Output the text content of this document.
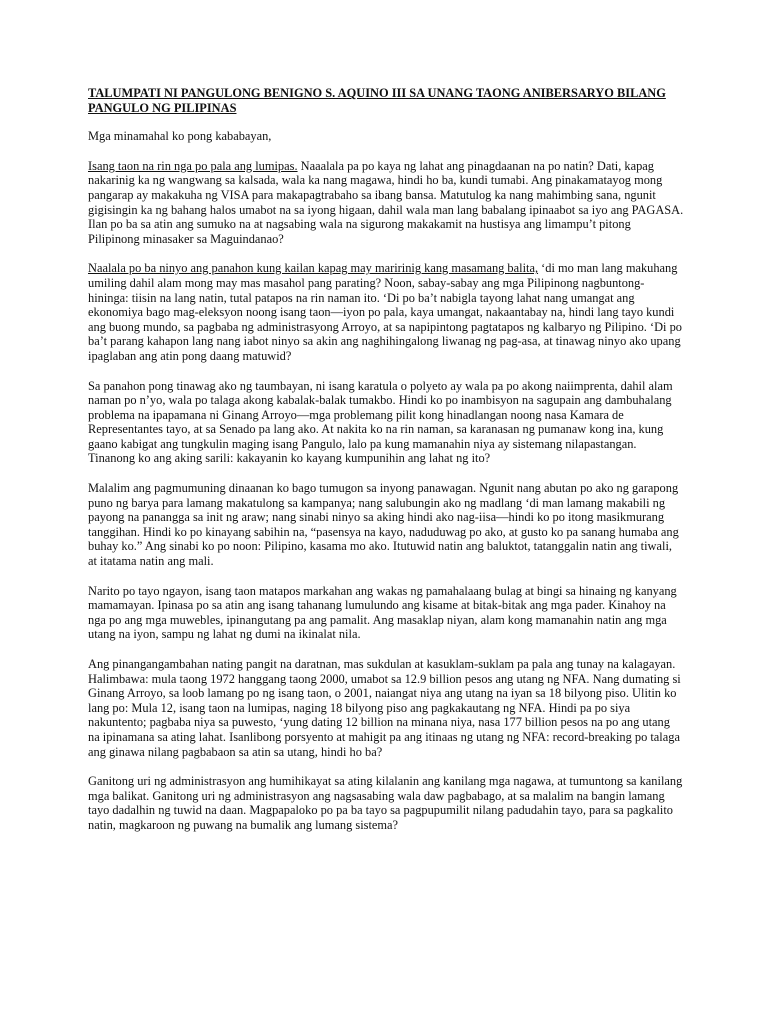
TALUMPATI NI PANGULONG BENIGNO S. AQUINO III SA UNANG TAONG ANIBERSARYO BILANG PANGULO NG PILIPINAS
Mga minamahal ko pong kababayan,
Isang taon na rin nga po pala ang lumipas. Naaalala pa po kaya ng lahat ang pinagdaanan na po natin? Dati, kapag nakarinig ka ng wangwang sa kalsada, wala ka nang magawa, hindi ho ba, kundi tumabi. Ang pinakamatayog mong pangarap ay makakuha ng VISA para makapagtrabaho sa ibang bansa. Matutulog ka nang mahimbing sana, ngunit gigisingin ka ng bahang halos umabot na sa iyong higaan, dahil wala man lang babalang ipinaabot sa iyo ang PAGASA. Ilan po ba sa atin ang sumuko na at nagsabing wala na sigurong makakamit na hustisya ang limampu’t pitong Pilipinong minasaker sa Maguindanao?
Naalala po ba ninyo ang panahon kung kailan kapag may maririnig kang masamang balita, ‘di mo man lang makuhang umiling dahil alam mong may mas masahol pang parating? Noon, sabay-sabay ang mga Pilipinong nagbuntong-hininga: tiisin na lang natin, tutal patapos na rin naman ito. ‘Di po ba’t nabigla tayong lahat nang umangat ang ekonomiya bago mag-eleksyon noong isang taon—iyon po pala, kaya umangat, nakaantabay na, hindi lang tayo kundi ang buong mundo, sa pagbaba ng administrasyong Arroyo, at sa napipintong pagtatapos ng kalbaryo ng Pilipino. ‘Di po ba’t parang kahapon lang nang iabot ninyo sa akin ang naghihingalong liwanag ng pag-asa, at tinawag ninyo ako upang ipaglaban ang atin pong daang matuwid?
Sa panahon pong tinawag ako ng taumbayan, ni isang karatula o polyeto ay wala pa po akong naiimprenta, dahil alam naman po n’yo, wala po talaga akong kabalak-balak tumakbo. Hindi ko po inambisyon na sagupain ang dambuhalang problema na ipapamana ni Ginang Arroyo—mga problemang pilit kong hinadlangan noong nasa Kamara de Representantes tayo, at sa Senado pa lang ako. At nakita ko na rin naman, sa karanasan ng pumanaw kong ina, kung gaano kabigat ang tungkulin maging isang Pangulo, lalo pa kung mamanahin niya ay sistemang nilapastangan. Tinanong ko ang aking sarili: kakayanin ko kayang kumpunihin ang lahat ng ito?
Malalim ang pagmumuning dinaanan ko bago tumugon sa inyong panawagan. Ngunit nang abutan po ako ng garapong puno ng barya para lamang makatulong sa kampanya; nang salubungin ako ng madlang ‘di man lamang makabili ng payong na panangga sa init ng araw; nang sinabi ninyo sa aking hindi ako nag-iisa—hindi ko po itong masikmurang tanggihan. Hindi ko po kinayang sabihin na, “pasensya na kayo, naduduwag po ako, at gusto ko pa sanang humaba ang buhay ko.” Ang sinabi ko po noon: Pilipino, kasama mo ako. Itutuwid natin ang baluktot, tatanggalin natin ang tiwali, at itatama natin ang mali.
Narito po tayo ngayon, isang taon matapos markahan ang wakas ng pamahalaang bulag at bingi sa hinaing ng kanyang mamamayan. Ipinasa po sa atin ang isang tahanang lumulundo ang kisame at bitak-bitak ang mga pader. Kinahoy na nga po ang mga muwebles, ipinangutang pa ang pamalit. Ang masaklap niyan, alam kong mamanahin natin ang mga utang na iyon, sampu ng lahat ng dumi na ikinalat nila.
Ang pinangangambahan nating pangit na daratnan, mas sukdulan at kasuklam-suklam pa pala ang tunay na kalagayan. Halimbawa: mula taong 1972 hanggang taong 2000, umabot sa 12.9 billion pesos ang utang ng NFA. Nang dumating si Ginang Arroyo, sa loob lamang po ng isang taon, o 2001, naiangat niya ang utang na iyan sa 18 bilyong piso. Ulitin ko lang po: Mula 12, isang taon na lumipas, naging 18 bilyong piso ang pagkakautang ng NFA. Hindi pa po siya nakuntento; pagbaba niya sa puwesto, ‘yung dating 12 billion na minana niya, nasa 177 billion pesos na po ang utang na ipinamana sa ating lahat. Isanlibong porsyento at mahigit pa ang itinaas ng utang ng NFA: record-breaking po talaga ang ginawa nilang pagbabaon sa atin sa utang, hindi ho ba?
Ganitong uri ng administrasyon ang humihikayat sa ating kilalanin ang kanilang mga nagawa, at tumuntong sa kanilang mga balikat. Ganitong uri ng administrasyon ang nagsasabing wala daw pagbabago, at sa malalim na bangin lamang tayo dadalhin ng tuwid na daan. Magpapaloko po pa ba tayo sa pagpupumilit nilang padudahin tayo, para sa pagkalito natin, magkaroon ng puwang na bumalik ang lumang sistema?
